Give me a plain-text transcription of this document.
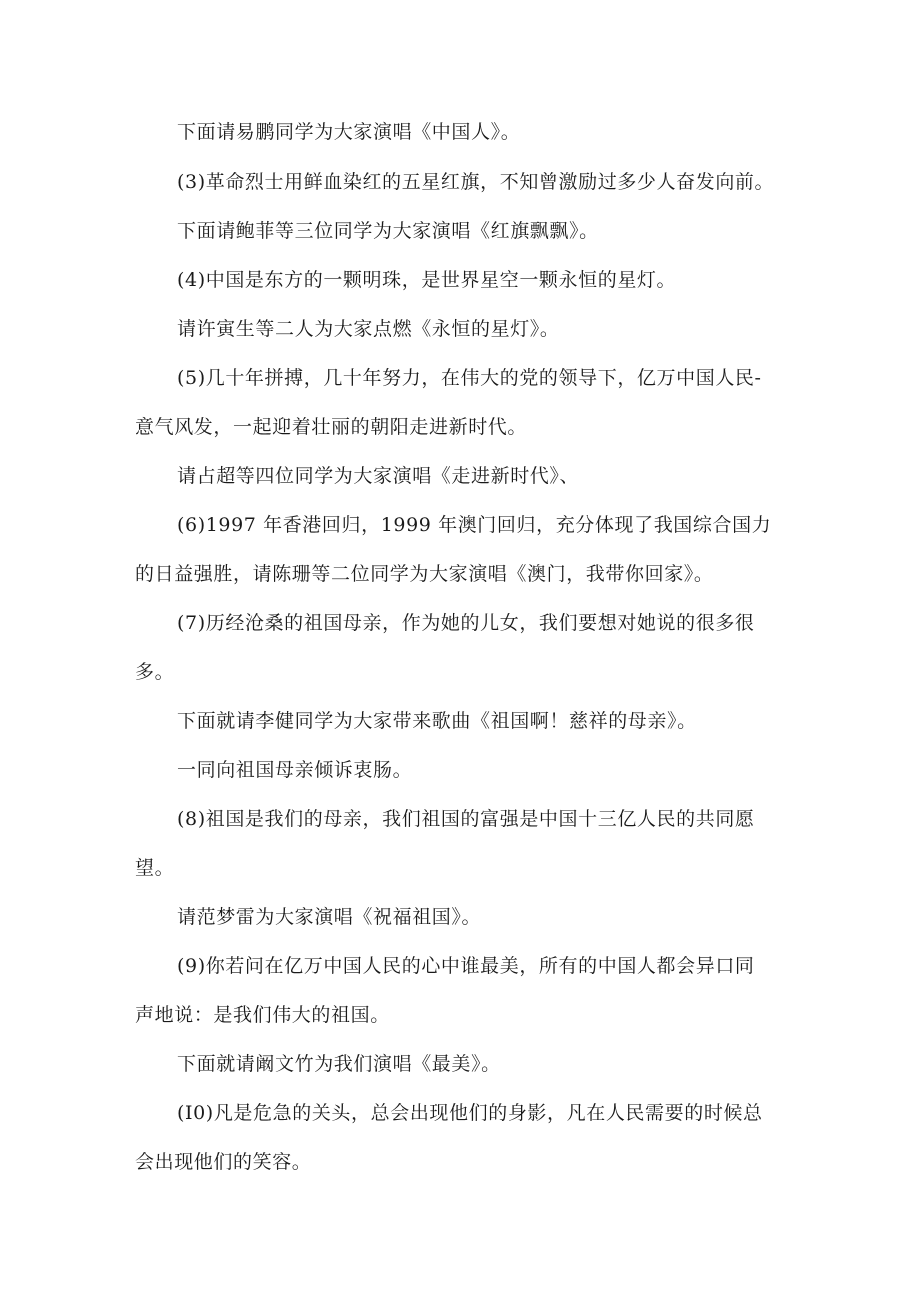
下面请易鹏同学为大家演唱《中国人》。
(3)革命烈士用鲜血染红的五星红旗，不知曾激励过多少人奋发向前。
下面请鲍菲等三位同学为大家演唱《红旗飘飘》。
(4)中国是东方的一颗明珠，是世界星空一颗永恒的星灯。
请许寅生等二人为大家点燃《永恒的星灯》。
(5)几十年拼搏，几十年努力，在伟大的党的领导下，亿万中国人民-
意气风发，一起迎着壮丽的朝阳走进新时代。
请占超等四位同学为大家演唱《走进新时代》、
(6)1997 年香港回归，1999 年澳门回归，充分体现了我国综合国力
的日益强胜，请陈珊等二位同学为大家演唱《澳门，我带你回家》。
(7)历经沧桑的祖国母亲，作为她的儿女，我们要想对她说的很多很
多。
下面就请李健同学为大家带来歌曲《祖国啊！慈祥的母亲》。
一同向祖国母亲倾诉衷肠。
(8)祖国是我们的母亲，我们祖国的富强是中国十三亿人民的共同愿
望。
请范梦雷为大家演唱《祝福祖国》。
(9)你若问在亿万中国人民的心中谁最美，所有的中国人都会异口同
声地说：是我们伟大的祖国。
下面就请阚文竹为我们演唱《最美》。
(I0)凡是危急的关头，总会出现他们的身影，凡在人民需要的时候总
会出现他们的笑容。
